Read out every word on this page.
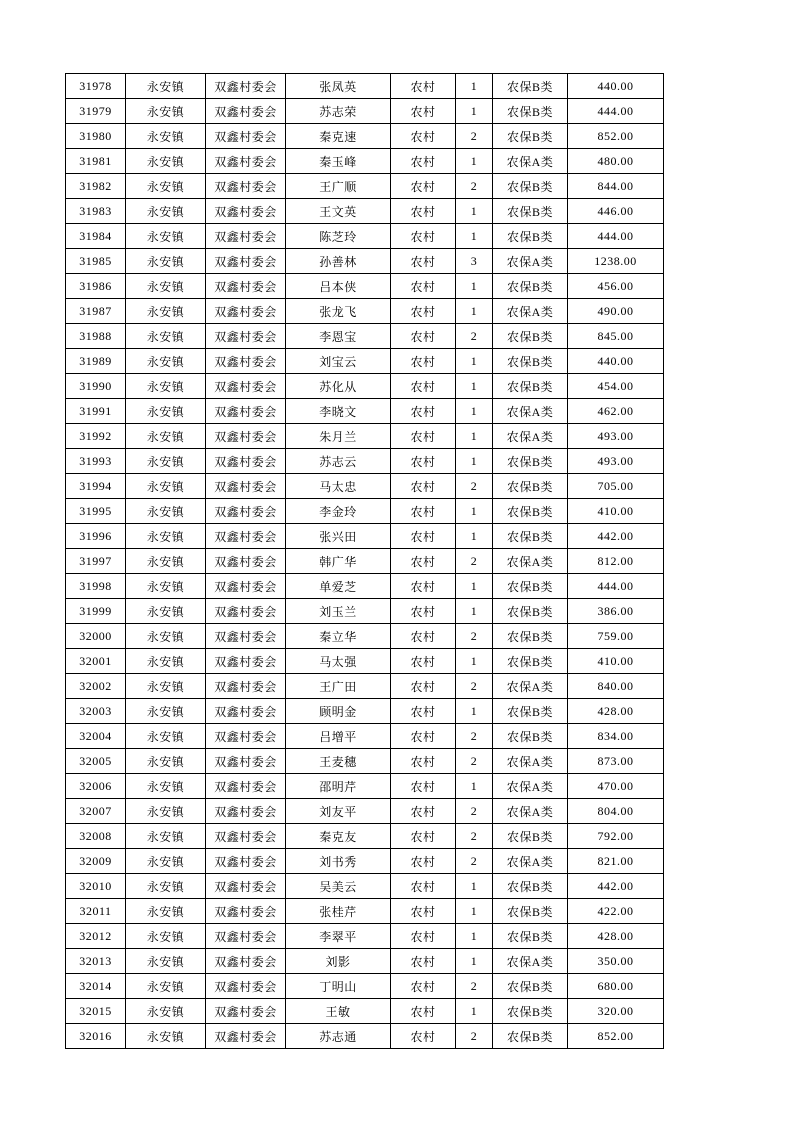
31978	永安镇	双鑫村委会	张凤英	农村	1	农保B类	440.00
31979	永安镇	双鑫村委会	苏志荣	农村	1	农保B类	444.00
31980	永安镇	双鑫村委会	秦克速	农村	2	农保B类	852.00
31981	永安镇	双鑫村委会	秦玉峰	农村	1	农保A类	480.00
31982	永安镇	双鑫村委会	王广顺	农村	2	农保B类	844.00
31983	永安镇	双鑫村委会	王文英	农村	1	农保B类	446.00
31984	永安镇	双鑫村委会	陈芝玲	农村	1	农保B类	444.00
31985	永安镇	双鑫村委会	孙善林	农村	3	农保A类	1238.00
31986	永安镇	双鑫村委会	吕本侠	农村	1	农保B类	456.00
31987	永安镇	双鑫村委会	张龙飞	农村	1	农保A类	490.00
31988	永安镇	双鑫村委会	李恩宝	农村	2	农保B类	845.00
31989	永安镇	双鑫村委会	刘宝云	农村	1	农保B类	440.00
31990	永安镇	双鑫村委会	苏化从	农村	1	农保B类	454.00
31991	永安镇	双鑫村委会	李晓文	农村	1	农保A类	462.00
31992	永安镇	双鑫村委会	朱月兰	农村	1	农保A类	493.00
31993	永安镇	双鑫村委会	苏志云	农村	1	农保B类	493.00
31994	永安镇	双鑫村委会	马太忠	农村	2	农保B类	705.00
31995	永安镇	双鑫村委会	李金玲	农村	1	农保B类	410.00
31996	永安镇	双鑫村委会	张兴田	农村	1	农保B类	442.00
31997	永安镇	双鑫村委会	韩广华	农村	2	农保A类	812.00
31998	永安镇	双鑫村委会	单爱芝	农村	1	农保B类	444.00
31999	永安镇	双鑫村委会	刘玉兰	农村	1	农保B类	386.00
32000	永安镇	双鑫村委会	秦立华	农村	2	农保B类	759.00
32001	永安镇	双鑫村委会	马太强	农村	1	农保B类	410.00
32002	永安镇	双鑫村委会	王广田	农村	2	农保A类	840.00
32003	永安镇	双鑫村委会	顾明金	农村	1	农保B类	428.00
32004	永安镇	双鑫村委会	吕增平	农村	2	农保B类	834.00
32005	永安镇	双鑫村委会	王麦穗	农村	2	农保A类	873.00
32006	永安镇	双鑫村委会	邵明芹	农村	1	农保A类	470.00
32007	永安镇	双鑫村委会	刘友平	农村	2	农保A类	804.00
32008	永安镇	双鑫村委会	秦克友	农村	2	农保B类	792.00
32009	永安镇	双鑫村委会	刘书秀	农村	2	农保A类	821.00
32010	永安镇	双鑫村委会	吴美云	农村	1	农保B类	442.00
32011	永安镇	双鑫村委会	张桂芹	农村	1	农保B类	422.00
32012	永安镇	双鑫村委会	李翠平	农村	1	农保B类	428.00
32013	永安镇	双鑫村委会	刘影	农村	1	农保A类	350.00
32014	永安镇	双鑫村委会	丁明山	农村	2	农保B类	680.00
32015	永安镇	双鑫村委会	王敏	农村	1	农保B类	320.00
32016	永安镇	双鑫村委会	苏志通	农村	2	农保B类	852.00
